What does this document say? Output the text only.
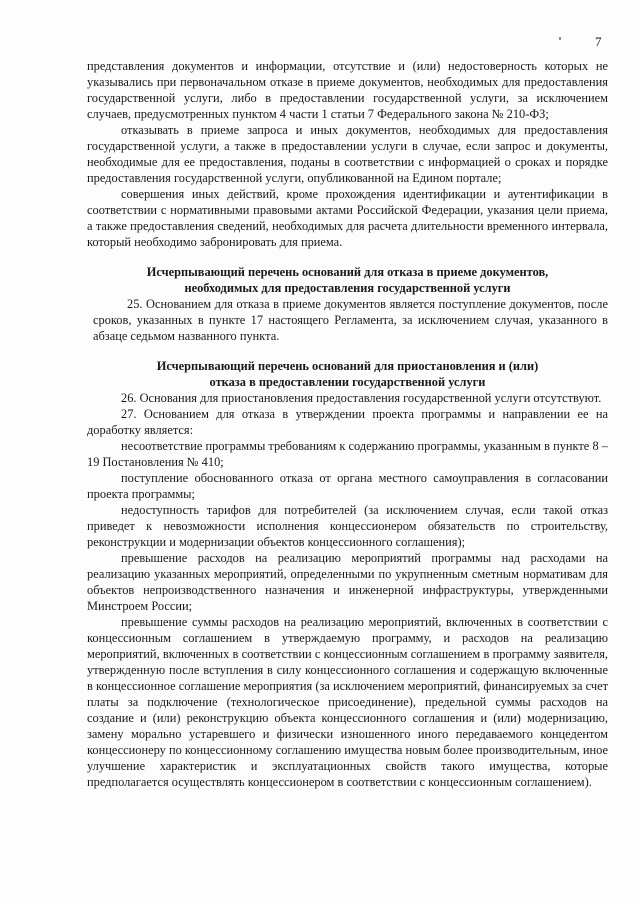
7

представления документов и информации, отсутствие и (или) недостоверность которых не указывались при первоначальном отказе в приеме документов, необходимых для предоставления государственной услуги, либо в предоставлении государственной услуги, за исключением случаев, предусмотренных пунктом 4 части 1 статьи 7 Федерального закона № 210-ФЗ;

отказывать в приеме запроса и иных документов, необходимых для предоставления государственной услуги, а также в предоставлении услуги в случае, если запрос и документы, необходимые для ее предоставления, поданы в соответствии с информацией о сроках и порядке предоставления государственной услуги, опубликованной на Едином портале;

совершения иных действий, кроме прохождения идентификации и аутентификации в соответствии с нормативными правовыми актами Российской Федерации, указания цели приема, а также предоставления сведений, необходимых для расчета длительности временного интервала, который необходимо забронировать для приема.

Исчерпывающий перечень оснований для отказа в приеме документов,

необходимых для предоставления государственной услуги

25. Основанием для отказа в приеме документов является поступление документов, после сроков, указанных в пункте 17 настоящего Регламента, за исключением случая, указанного в абзаце седьмом названного пункта.

Исчерпывающий перечень оснований для приостановления и (или)

отказа в предоставлении государственной услуги

26. Основания для приостановления предоставления государственной услуги отсутствуют.

27. Основанием для отказа в утверждении проекта программы и направлении ее на доработку является:

несоответствие программы требованиям к содержанию программы, указанным в пункте 8 – 19 Постановления № 410;

поступление обоснованного отказа от органа местного самоуправления в согласовании проекта программы;

недоступность тарифов для потребителей (за исключением случая, если такой отказ приведет к невозможности исполнения концессионером обязательств по строительству, реконструкции и модернизации объектов концессионного соглашения);

превышение расходов на реализацию мероприятий программы над расходами на реализацию указанных мероприятий, определенными по укрупненным сметным нормативам для объектов непроизводственного назначения и инженерной инфраструктуры, утвержденными Минстроем России;

превышение суммы расходов на реализацию мероприятий, включенных в соответствии с концессионным соглашением в утверждаемую программу, и расходов на реализацию мероприятий, включенных в соответствии с концессионным соглашением в программу заявителя, утвержденную после вступления в силу концессионного соглашения и содержащую включенные в концессионное соглашение мероприятия (за исключением мероприятий, финансируемых за счет платы за подключение (технологическое присоединение), предельной суммы расходов на создание и (или) реконструкцию объекта концессионного соглашения и (или) модернизацию, замену морально устаревшего и физически изношенного иного передаваемого концедентом концессионеру по концессионному соглашению имущества новым более производительным, иное улучшение характеристик и эксплуатационных свойств такого имущества, которые предполагается осуществлять концессионером в соответствии с концессионным соглашением).
